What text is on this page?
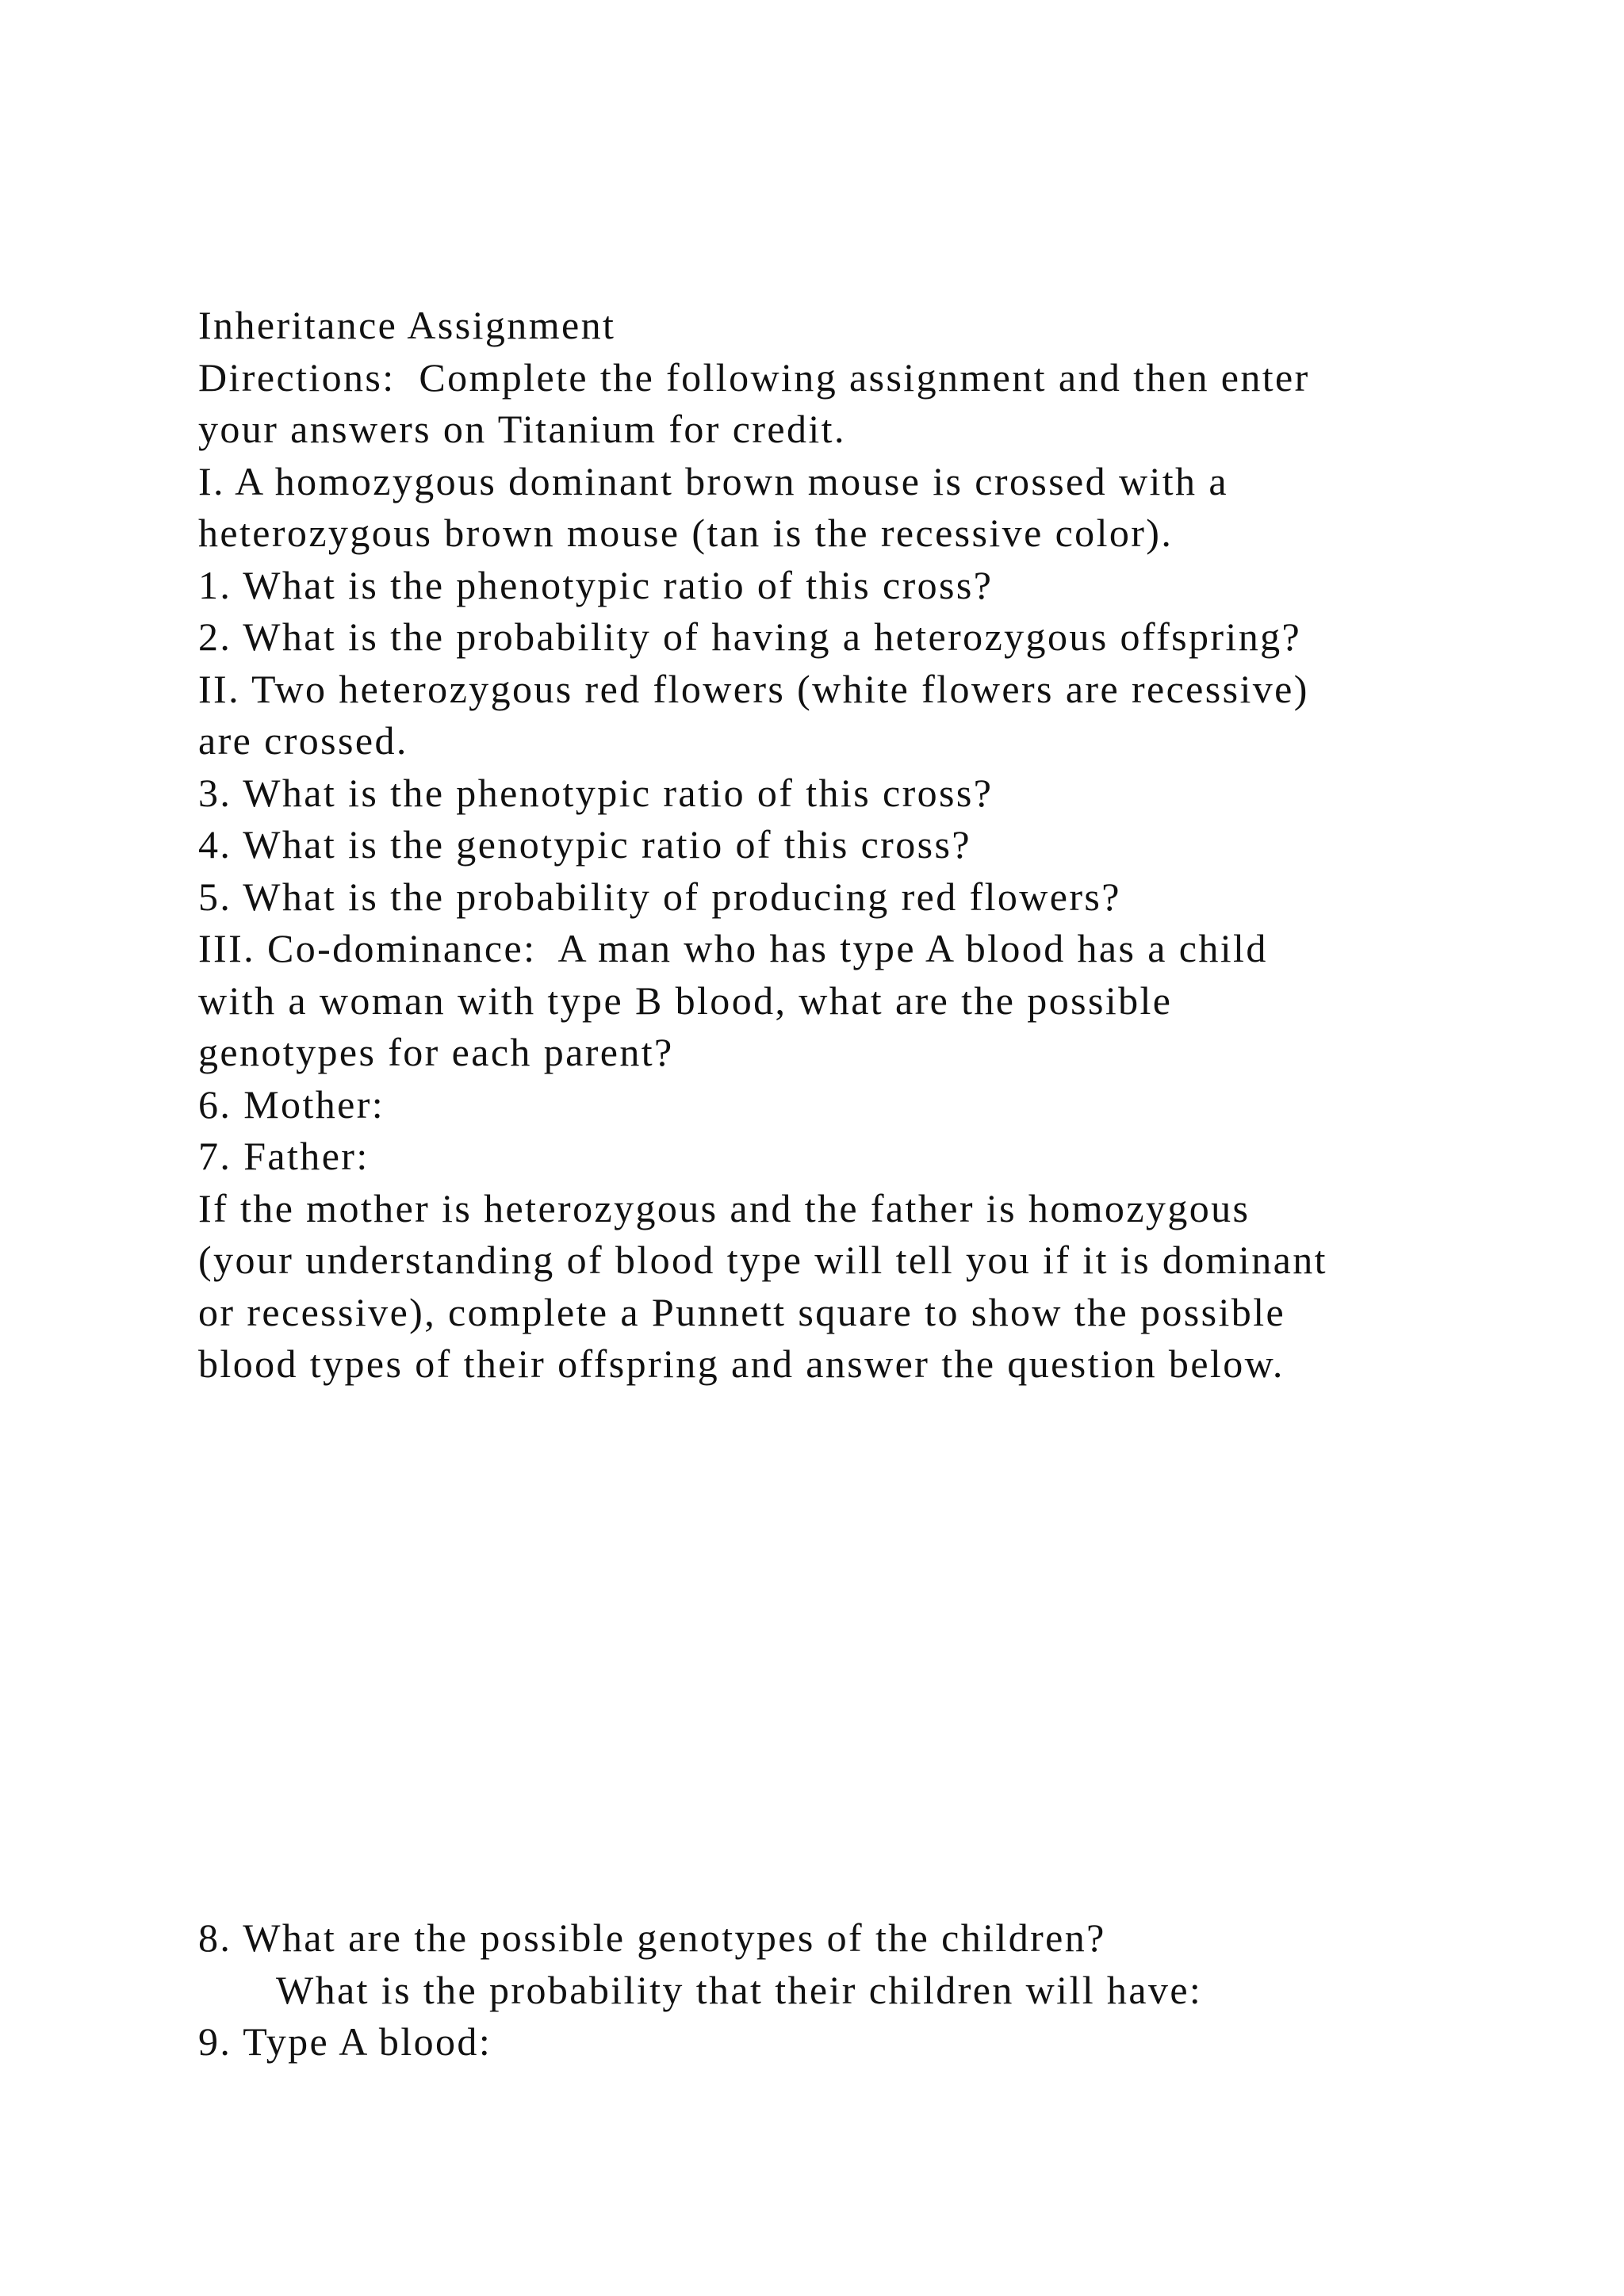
Inheritance Assignment
Directions:  Complete the following assignment and then enter
your answers on Titanium for credit.
I. A homozygous dominant brown mouse is crossed with a
heterozygous brown mouse (tan is the recessive color).
1. What is the phenotypic ratio of this cross?
2. What is the probability of having a heterozygous offspring?
II. Two heterozygous red flowers (white flowers are recessive)
are crossed.
3. What is the phenotypic ratio of this cross?
4. What is the genotypic ratio of this cross?
5. What is the probability of producing red flowers?
III. Co-dominance:  A man who has type A blood has a child
with a woman with type B blood, what are the possible
genotypes for each parent?
6. Mother:
7. Father:
If the mother is heterozygous and the father is homozygous
(your understanding of blood type will tell you if it is dominant
or recessive), complete a Punnett square to show the possible
blood types of their offspring and answer the question below.
8. What are the possible genotypes of the children?
What is the probability that their children will have:
9. Type A blood:
